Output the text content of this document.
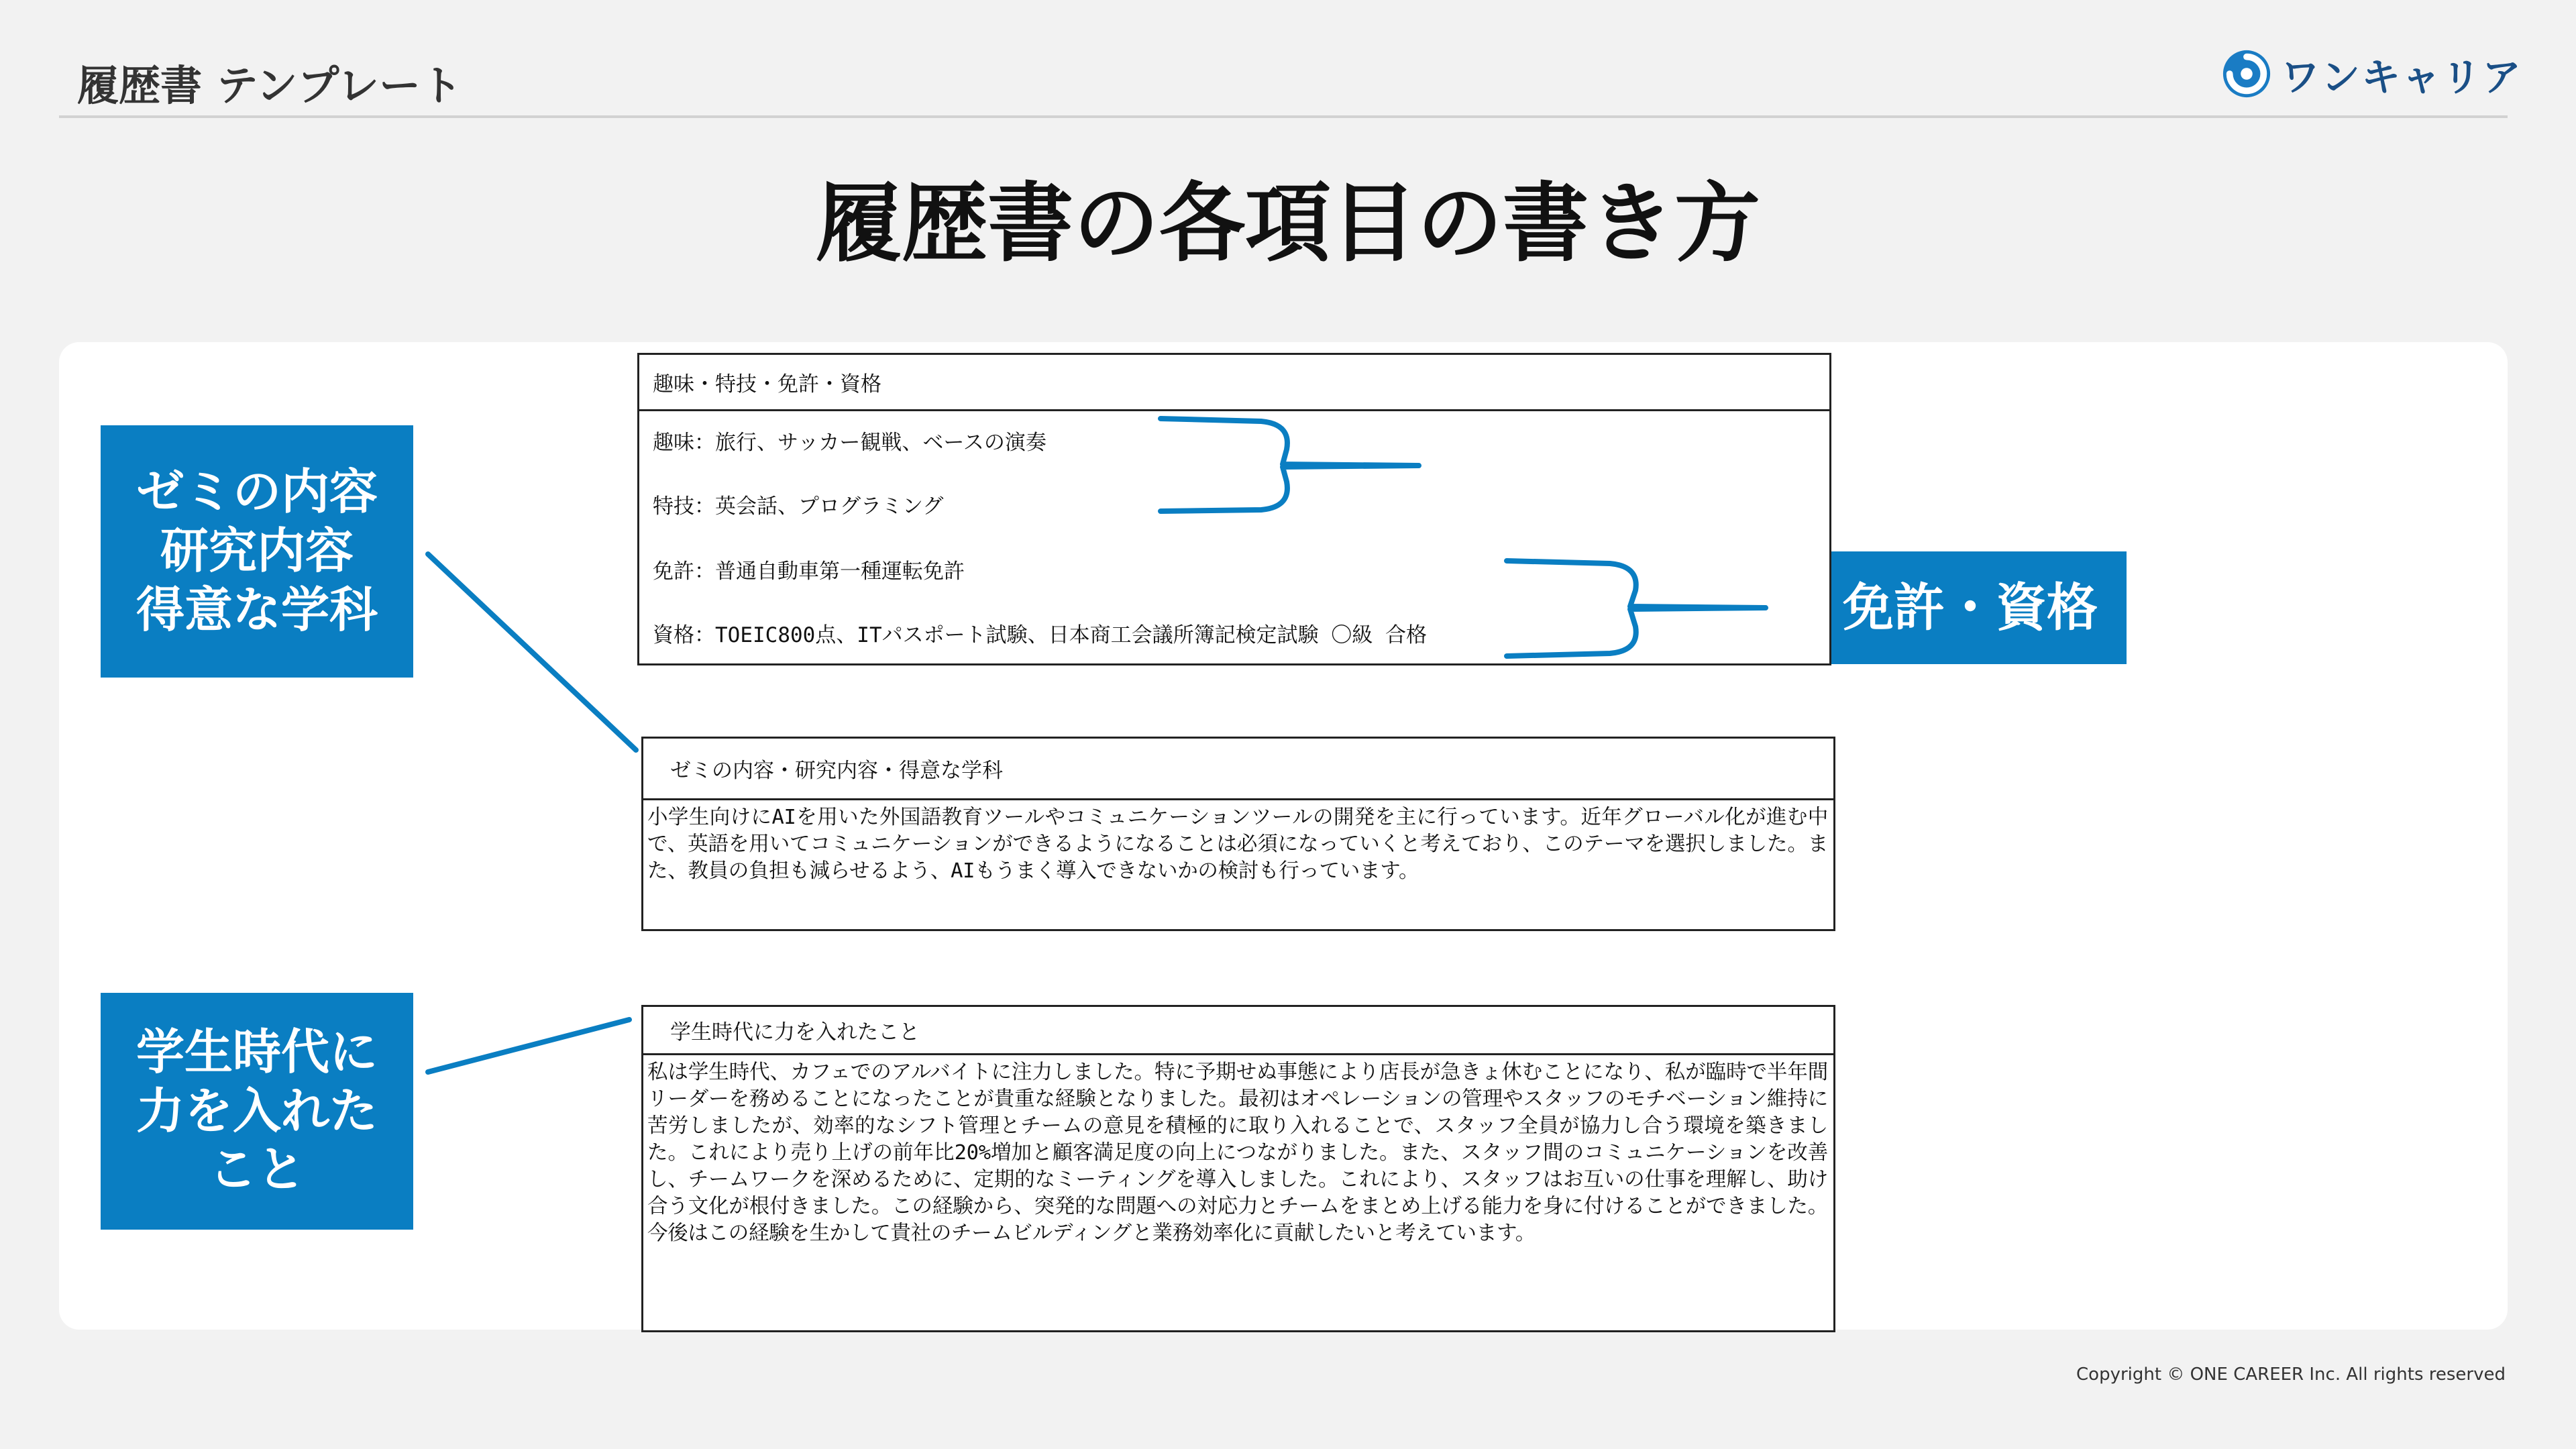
履歴書 テンプレート	ワンキャリア
履歴書の各項目の書き方
ゼミの内容
研究内容
得意な学科
学生時代に
力を入れた
こと
免許・資格
趣味・特技・免許・資格
趣味：旅行、サッカー観戦、ベースの演奏
特技：英会話、プログラミング
免許：普通自動車第一種運転免許
資格：TOEIC800点、ITパスポート試験、日本商工会議所簿記検定試験 〇級 合格
ゼミの内容・研究内容・得意な学科
小学生向けにAIを用いた外国語教育ツールやコミュニケーションツールの開発を主に行っています。近年グローバル化が進む中で、英語を用いてコミュニケーションができるようになることは必須になっていくと考えており、このテーマを選択しました。また、教員の負担も減らせるよう、AIもうまく導入できないかの検討も行っています。
学生時代に力を入れたこと
私は学生時代、カフェでのアルバイトに注力しました。特に予期せぬ事態により店長が急きょ休むことになり、私が臨時で半年間リーダーを務めることになったことが貴重な経験となりました。最初はオペレーションの管理やスタッフのモチベーション維持に苦労しましたが、効率的なシフト管理とチームの意見を積極的に取り入れることで、スタッフ全員が協力し合う環境を築きました。これにより売り上げの前年比20%増加と顧客満足度の向上につながりました。また、スタッフ間のコミュニケーションを改善し、チームワークを深めるために、定期的なミーティングを導入しました。これにより、スタッフはお互いの仕事を理解し、助け合う文化が根付きました。この経験から、突発的な問題への対応力とチームをまとめ上げる能力を身に付けることができました。今後はこの経験を生かして貴社のチームビルディングと業務効率化に貢献したいと考えています。
Copyright © ONE CAREER Inc. All rights reserved
